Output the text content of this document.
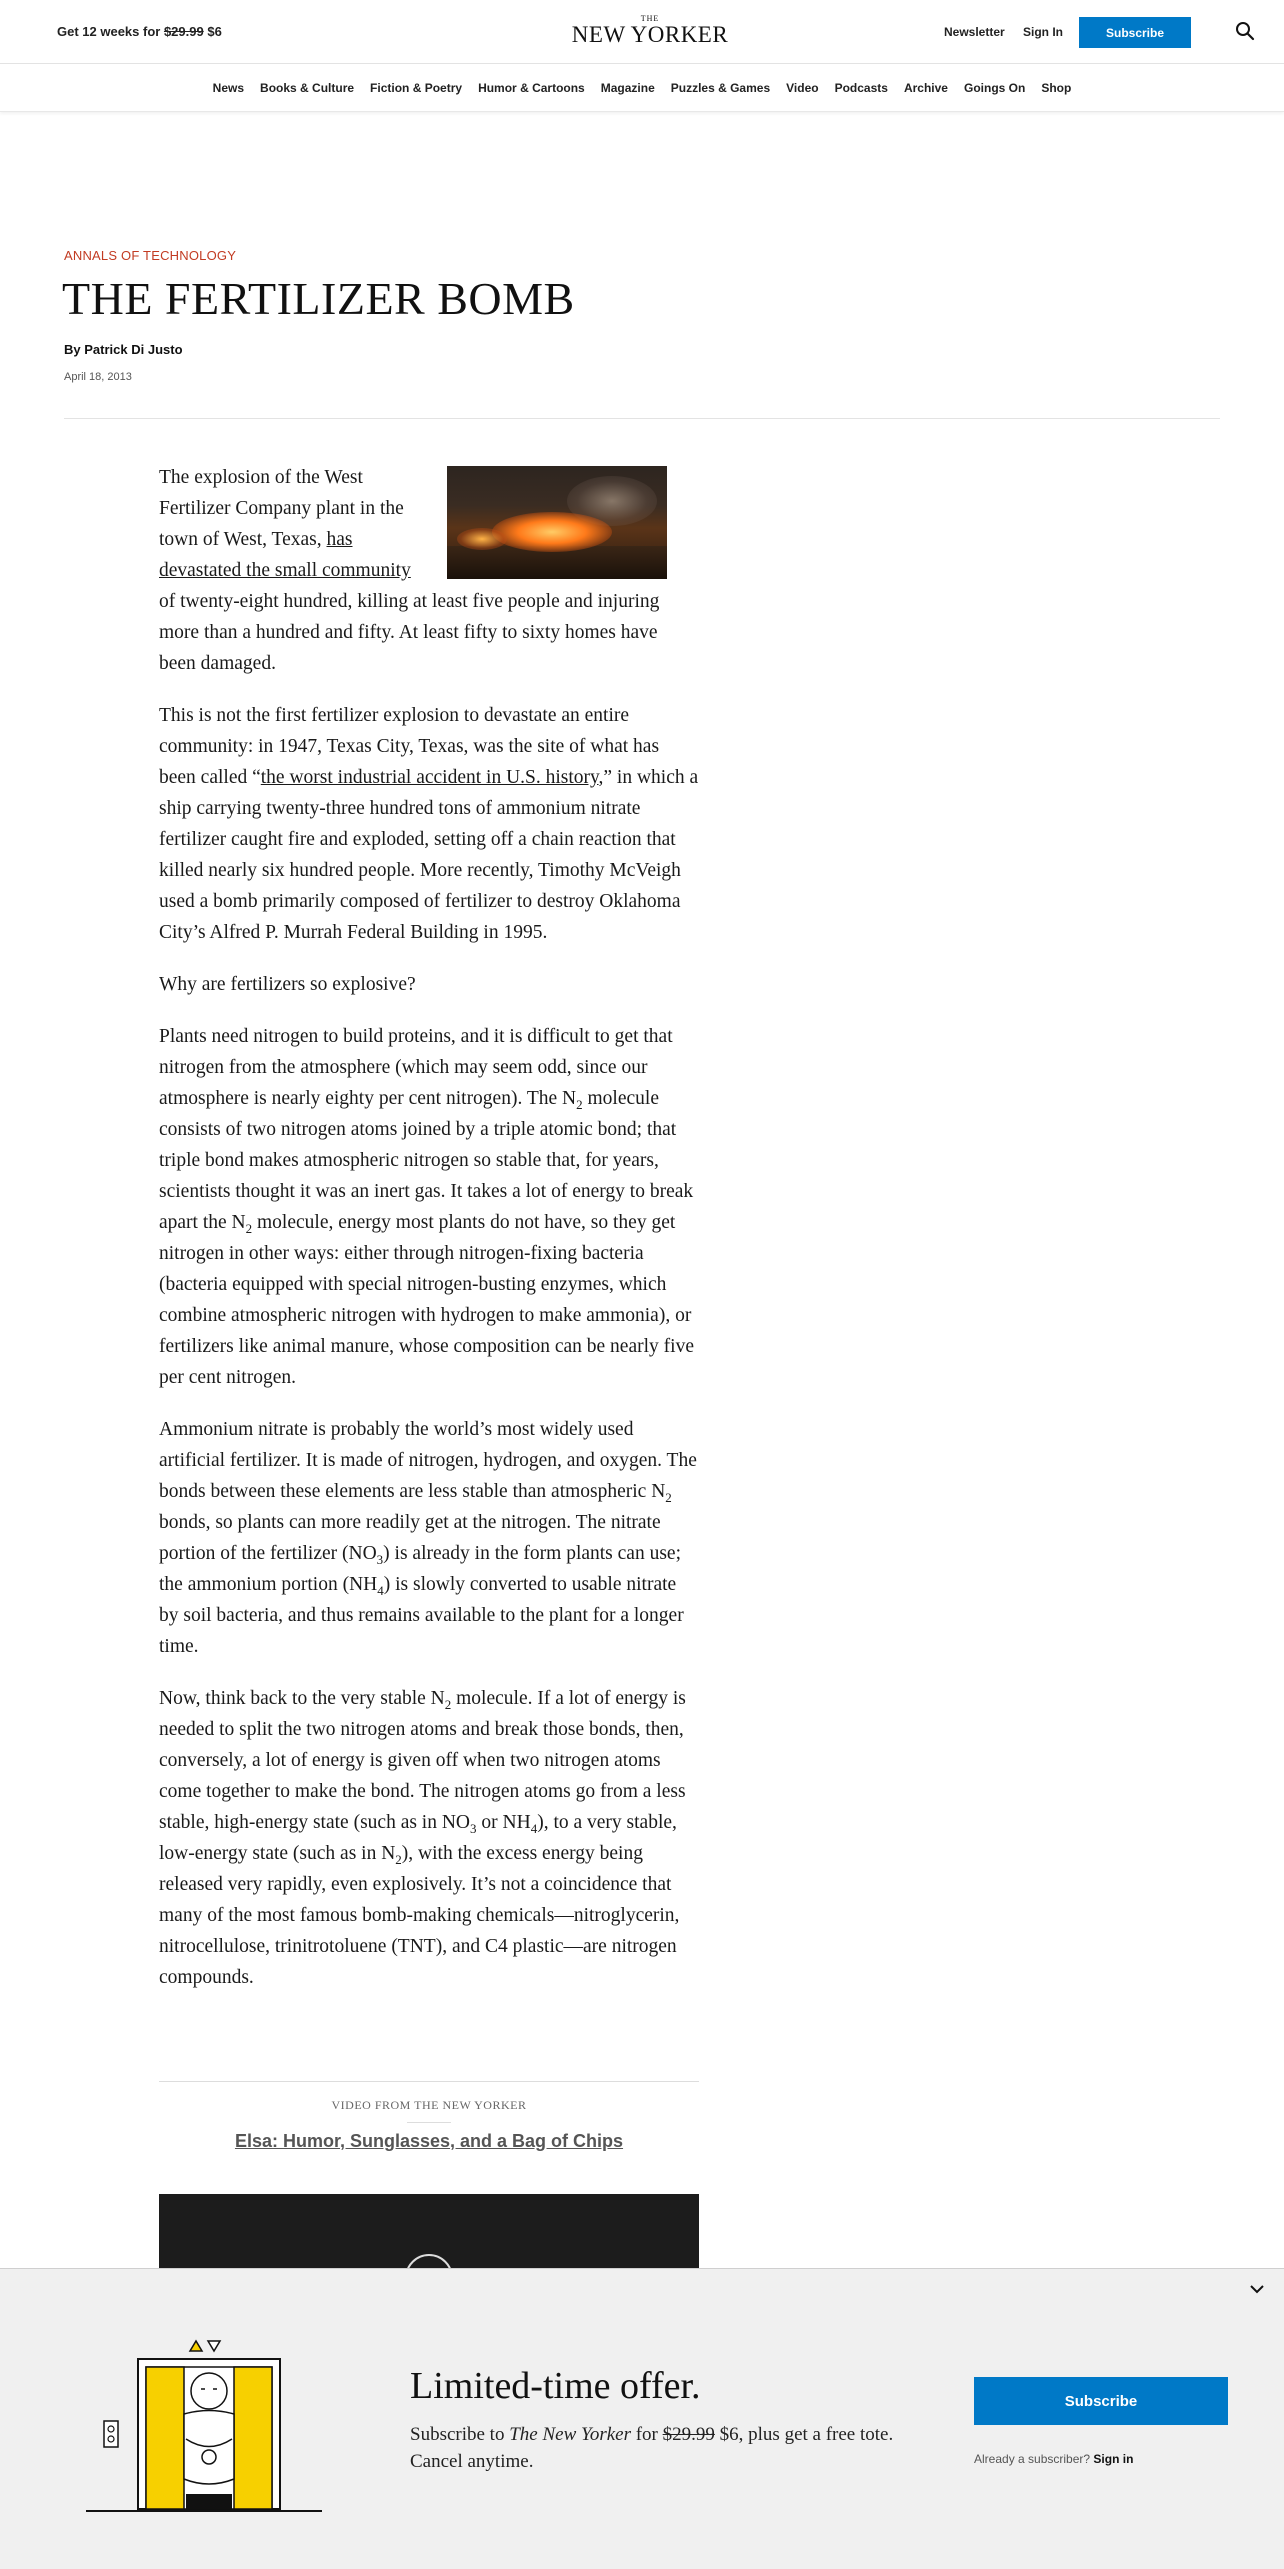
Get 12 weeks for $29.99 $6
THE
NEW YORKER	Newsletter Sign In	Subscribe
News	Books & Culture	Fiction & Poetry	Humor & Cartoons	Magazine	Puzzles & Games	Video	Podcasts	Archive	Goings On	Shop
ANNALS OF TECHNOLOGY
THE FERTILIZER BOMB
By Patrick Di Justo
April 18, 2013

The explosion of the West Fertilizer Company plant in the town of West, Texas, has devastated the small community of twenty-eight hundred, killing at least five people and injuring more than a hundred and fifty. At least fifty to sixty homes have been damaged.

This is not the first fertilizer explosion to devastate an entire community: in 1947, Texas City, Texas, was the site of what has been called “the worst industrial accident in U.S. history,” in which a ship carrying twenty-three hundred tons of ammonium nitrate fertilizer caught fire and exploded, setting off a chain reaction that killed nearly six hundred people. More recently, Timothy McVeigh used a bomb primarily composed of fertilizer to destroy Oklahoma City’s Alfred P. Murrah Federal Building in 1995.

Why are fertilizers so explosive?

Plants need nitrogen to build proteins, and it is difficult to get that nitrogen from the atmosphere (which may seem odd, since our atmosphere is nearly eighty per cent nitrogen). The $N_2$ molecule consists of two nitrogen atoms joined by a triple atomic bond; that triple bond makes atmospheric nitrogen so stable that, for years, scientists thought it was an inert gas. It takes a lot of energy to break apart the $N_2$ molecule, energy most plants do not have, so they get nitrogen in other ways: either through nitrogen-fixing bacteria (bacteria equipped with special nitrogen-busting enzymes, which combine atmospheric nitrogen with hydrogen to make ammonia), or fertilizers like animal manure, whose composition can be nearly five per cent nitrogen.

Ammonium nitrate is probably the world’s most widely used artificial fertilizer. It is made of nitrogen, hydrogen, and oxygen. The bonds between these elements are less stable than atmospheric $N_2$ bonds, so plants can more readily get at the nitrogen. The nitrate portion of the fertilizer $(NO_3)$ is already in the form plants can use; the ammonium portion $(NH_4)$ is slowly converted to usable nitrate by soil bacteria, and thus remains available to the plant for a longer time.

Now, think back to the very stable $N_2$ molecule. If a lot of energy is needed to split the two nitrogen atoms and break those bonds, then, conversely, a lot of energy is given off when two nitrogen atoms come together to make the bond. The nitrogen atoms go from a less stable, high-energy state (such as in $NO_3$ or $NH_4$), to a very stable, low-energy state (such as in $N_2$), with the excess energy being released very rapidly, even explosively. It’s not a coincidence that many of the most famous bomb-making chemicals—nitroglycerin, nitrocellulose, trinitrotoluene (TNT), and C4 plastic—are nitrogen compounds.

VIDEO FROM THE NEW YORKER
Elsa: Humor, Sunglasses, and a Bag of Chips
Limited-time offer.
Subscribe to The New Yorker for $29.99 $6, plus get a free tote. Cancel anytime.
Subscribe
Already a subscriber? Sign in
